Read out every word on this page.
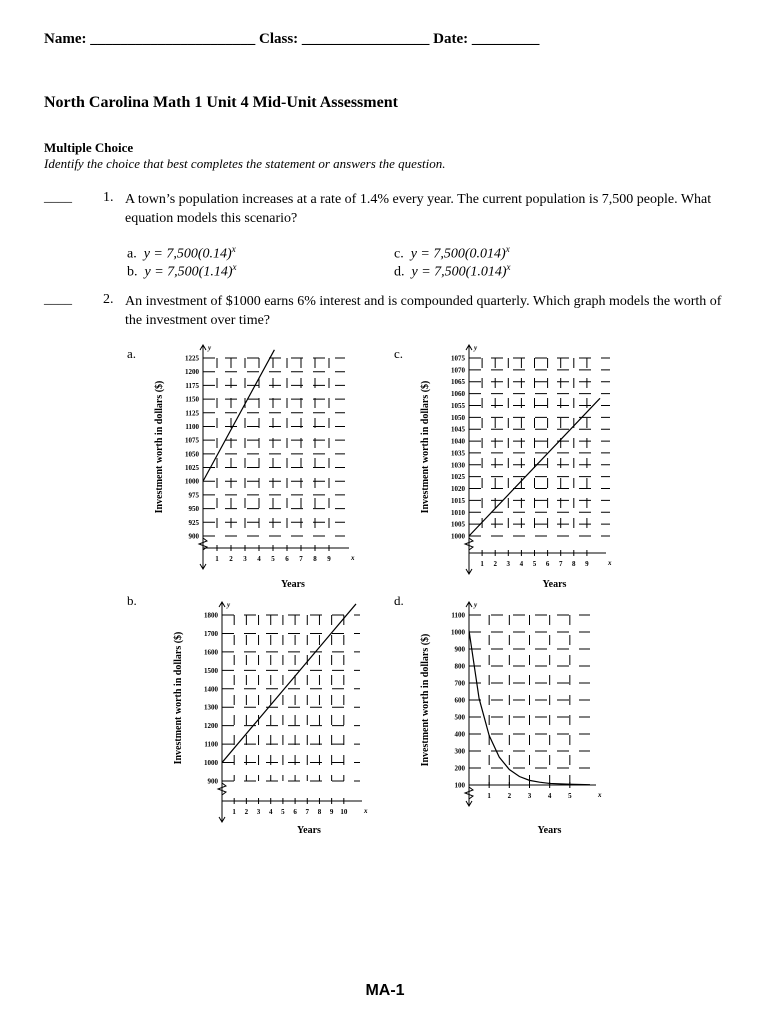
Name: ______________________ Class: _________________ Date: _________
North Carolina Math 1 Unit 4 Mid-Unit Assessment
Multiple Choice
Identify the choice that best completes the statement or answers the question.
____ 1. A town’s population increases at a rate of 1.4% every year. The current population is 7,500 people. What equation models this scenario?
a. $y = 7,500(0.14)^x$
b. $y = 7,500(1.14)^x$
c. $y = 7,500(0.014)^x$
d. $y = 7,500(1.014)^x$
____ 2. An investment of $1000 earns 6% interest and is compounded quarterly. Which graph models the worth of the investment over time?
a.	c.
b.	d.
y
x
900
925
950
975
1000
1025
1050
1075
1100
1125
1150
1175
1200
1225
1 2 3 4 5 6 7 8 9
Investment worth in dollars ($)
Years
y
x
1000
1005
1010
1015
1020
1025
1030
1035
1040
1045
1050
1055
1060
1065
1070
1075
1 2 3 4 5 6 7 8 9
Investment worth in dollars ($)
Years
y
x
900
1000
1100
1200
1300
1400
1500
1600
1700
1800
1 2 3 4 5 6 7 8 9 10
Investment worth in dollars ($)
Years
y
x
100
200
300
400
500
600
700
800
900
1000
1100
1 2 3 4 5
Investment worth in dollars ($)
Years
MA-1
